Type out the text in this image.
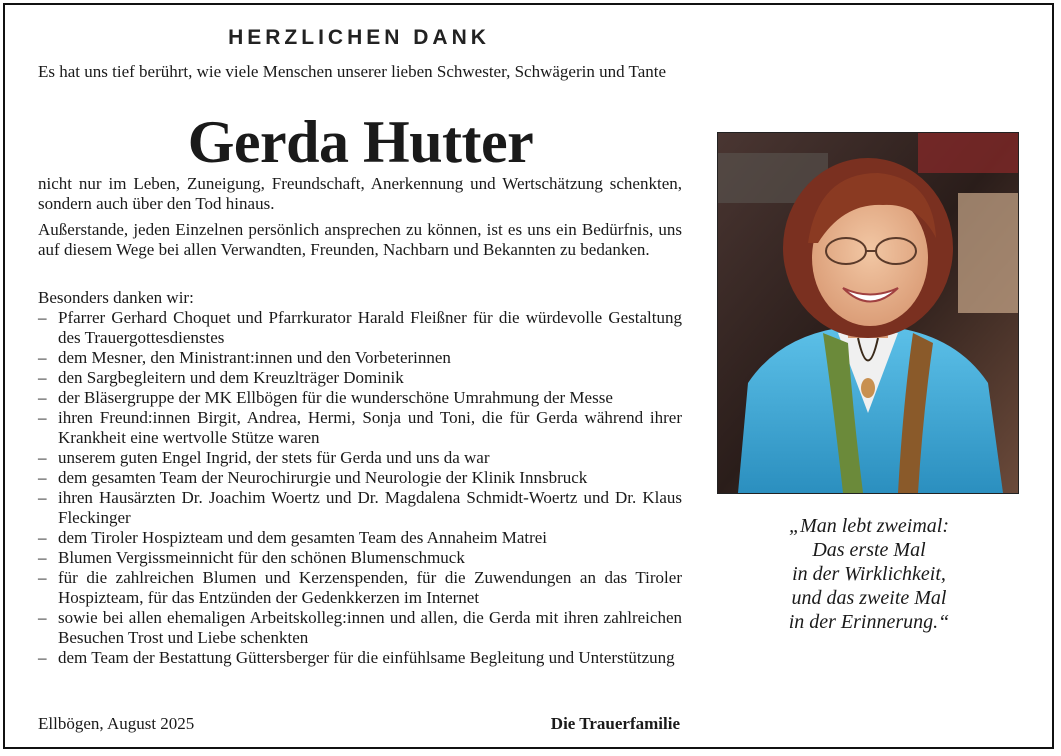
HERZLICHEN DANK
Es hat uns tief berührt, wie viele Menschen unserer lieben Schwester, Schwägerin und Tante
Gerda Hutter
nicht nur im Leben, Zuneigung, Freundschaft, Anerkennung und Wertschätzung schenkten, sondern auch über den Tod hinaus.
Außerstande, jeden Einzelnen persönlich ansprechen zu können, ist es uns ein Bedürfnis, uns auf diesem Wege bei allen Verwandten, Freunden, Nachbarn und Bekannten zu bedanken.
Besonders danken wir:
– Pfarrer Gerhard Choquet und Pfarrkurator Harald Fleißner für die würdevolle Gestaltung des Trauergottesdienstes
– dem Mesner, den Ministrant:innen und den Vorbeterinnen
– den Sargbegleitern und dem Kreuzlträger Dominik
– der Bläsergruppe der MK Ellbögen für die wunderschöne Umrahmung der Messe
– ihren Freund:innen Birgit, Andrea, Hermi, Sonja und Toni, die für Gerda während ihrer Krankheit eine wertvolle Stütze waren
– unserem guten Engel Ingrid, der stets für Gerda und uns da war
– dem gesamten Team der Neurochirurgie und Neurologie der Klinik Innsbruck
– ihren Hausärzten Dr. Joachim Woertz und Dr. Magdalena Schmidt-Woertz und Dr. Klaus Fleckinger
– dem Tiroler Hospizteam und dem gesamten Team des Annaheim Matrei
– Blumen Vergissmeinnicht für den schönen Blumenschmuck
– für die zahlreichen Blumen und Kerzenspenden, für die Zuwendungen an das Tiroler Hospizteam, für das Entzünden der Gedenkkerzen im Internet
– sowie bei allen ehemaligen Arbeitskolleg:innen und allen, die Gerda mit ihren zahlreichen Besuchen Trost und Liebe schenkten
– dem Team der Bestattung Güttersberger für die einfühlsame Begleitung und Unterstützung
Ellbögen, August 2025	Die Trauerfamilie
„Man lebt zweimal:
Das erste Mal
in der Wirklichkeit,
und das zweite Mal
in der Erinnerung.“
